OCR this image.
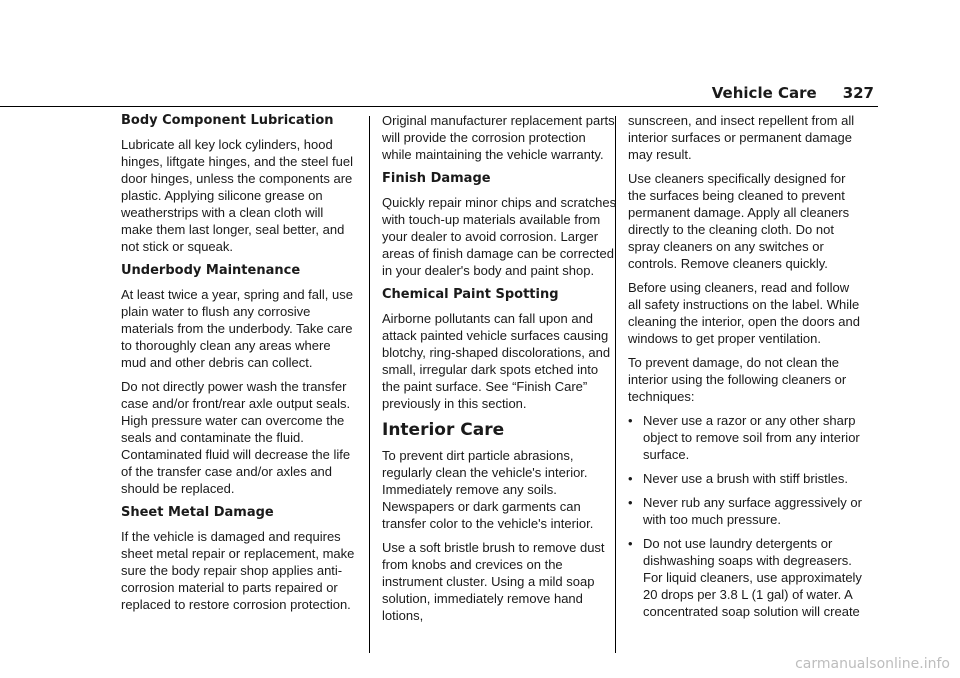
Vehicle Care 327
Body Component Lubrication

Lubricate all key lock cylinders, hood hinges, liftgate hinges, and the steel fuel door hinges, unless the components are plastic. Applying silicone grease on weatherstrips with a clean cloth will make them last longer, seal better, and not stick or squeak.

Underbody Maintenance

At least twice a year, spring and fall, use plain water to flush any corrosive materials from the underbody. Take care to thoroughly clean any areas where mud and other debris can collect.

Do not directly power wash the transfer case and/or front/rear axle output seals. High pressure water can overcome the seals and contaminate the fluid. Contaminated fluid will decrease the life of the transfer case and/or axles and should be replaced.

Sheet Metal Damage

If the vehicle is damaged and requires sheet metal repair or replacement, make sure the body repair shop applies anti-corrosion material to parts repaired or replaced to restore corrosion protection.

Original manufacturer replacement parts will provide the corrosion protection while maintaining the vehicle warranty.

Finish Damage

Quickly repair minor chips and scratches with touch-up materials available from your dealer to avoid corrosion. Larger areas of finish damage can be corrected in your dealer's body and paint shop.

Chemical Paint Spotting

Airborne pollutants can fall upon and attack painted vehicle surfaces causing blotchy, ring-shaped discolorations, and small, irregular dark spots etched into the paint surface. See “Finish Care” previously in this section.

Interior Care

To prevent dirt particle abrasions, regularly clean the vehicle's interior. Immediately remove any soils. Newspapers or dark garments can transfer color to the vehicle's interior.

Use a soft bristle brush to remove dust from knobs and crevices on the instrument cluster. Using a mild soap solution, immediately remove hand lotions,

sunscreen, and insect repellent from all interior surfaces or permanent damage may result.

Use cleaners specifically designed for the surfaces being cleaned to prevent permanent damage. Apply all cleaners directly to the cleaning cloth. Do not spray cleaners on any switches or controls. Remove cleaners quickly.

Before using cleaners, read and follow all safety instructions on the label. While cleaning the interior, open the doors and windows to get proper ventilation.

To prevent damage, do not clean the interior using the following cleaners or techniques:

• Never use a razor or any other sharp object to remove soil from any interior surface.
• Never use a brush with stiff bristles.
• Never rub any surface aggressively or with too much pressure.
• Do not use laundry detergents or dishwashing soaps with degreasers. For liquid cleaners, use approximately 20 drops per 3.8 L (1 gal) of water. A concentrated soap solution will create
carmanualsonline.info
